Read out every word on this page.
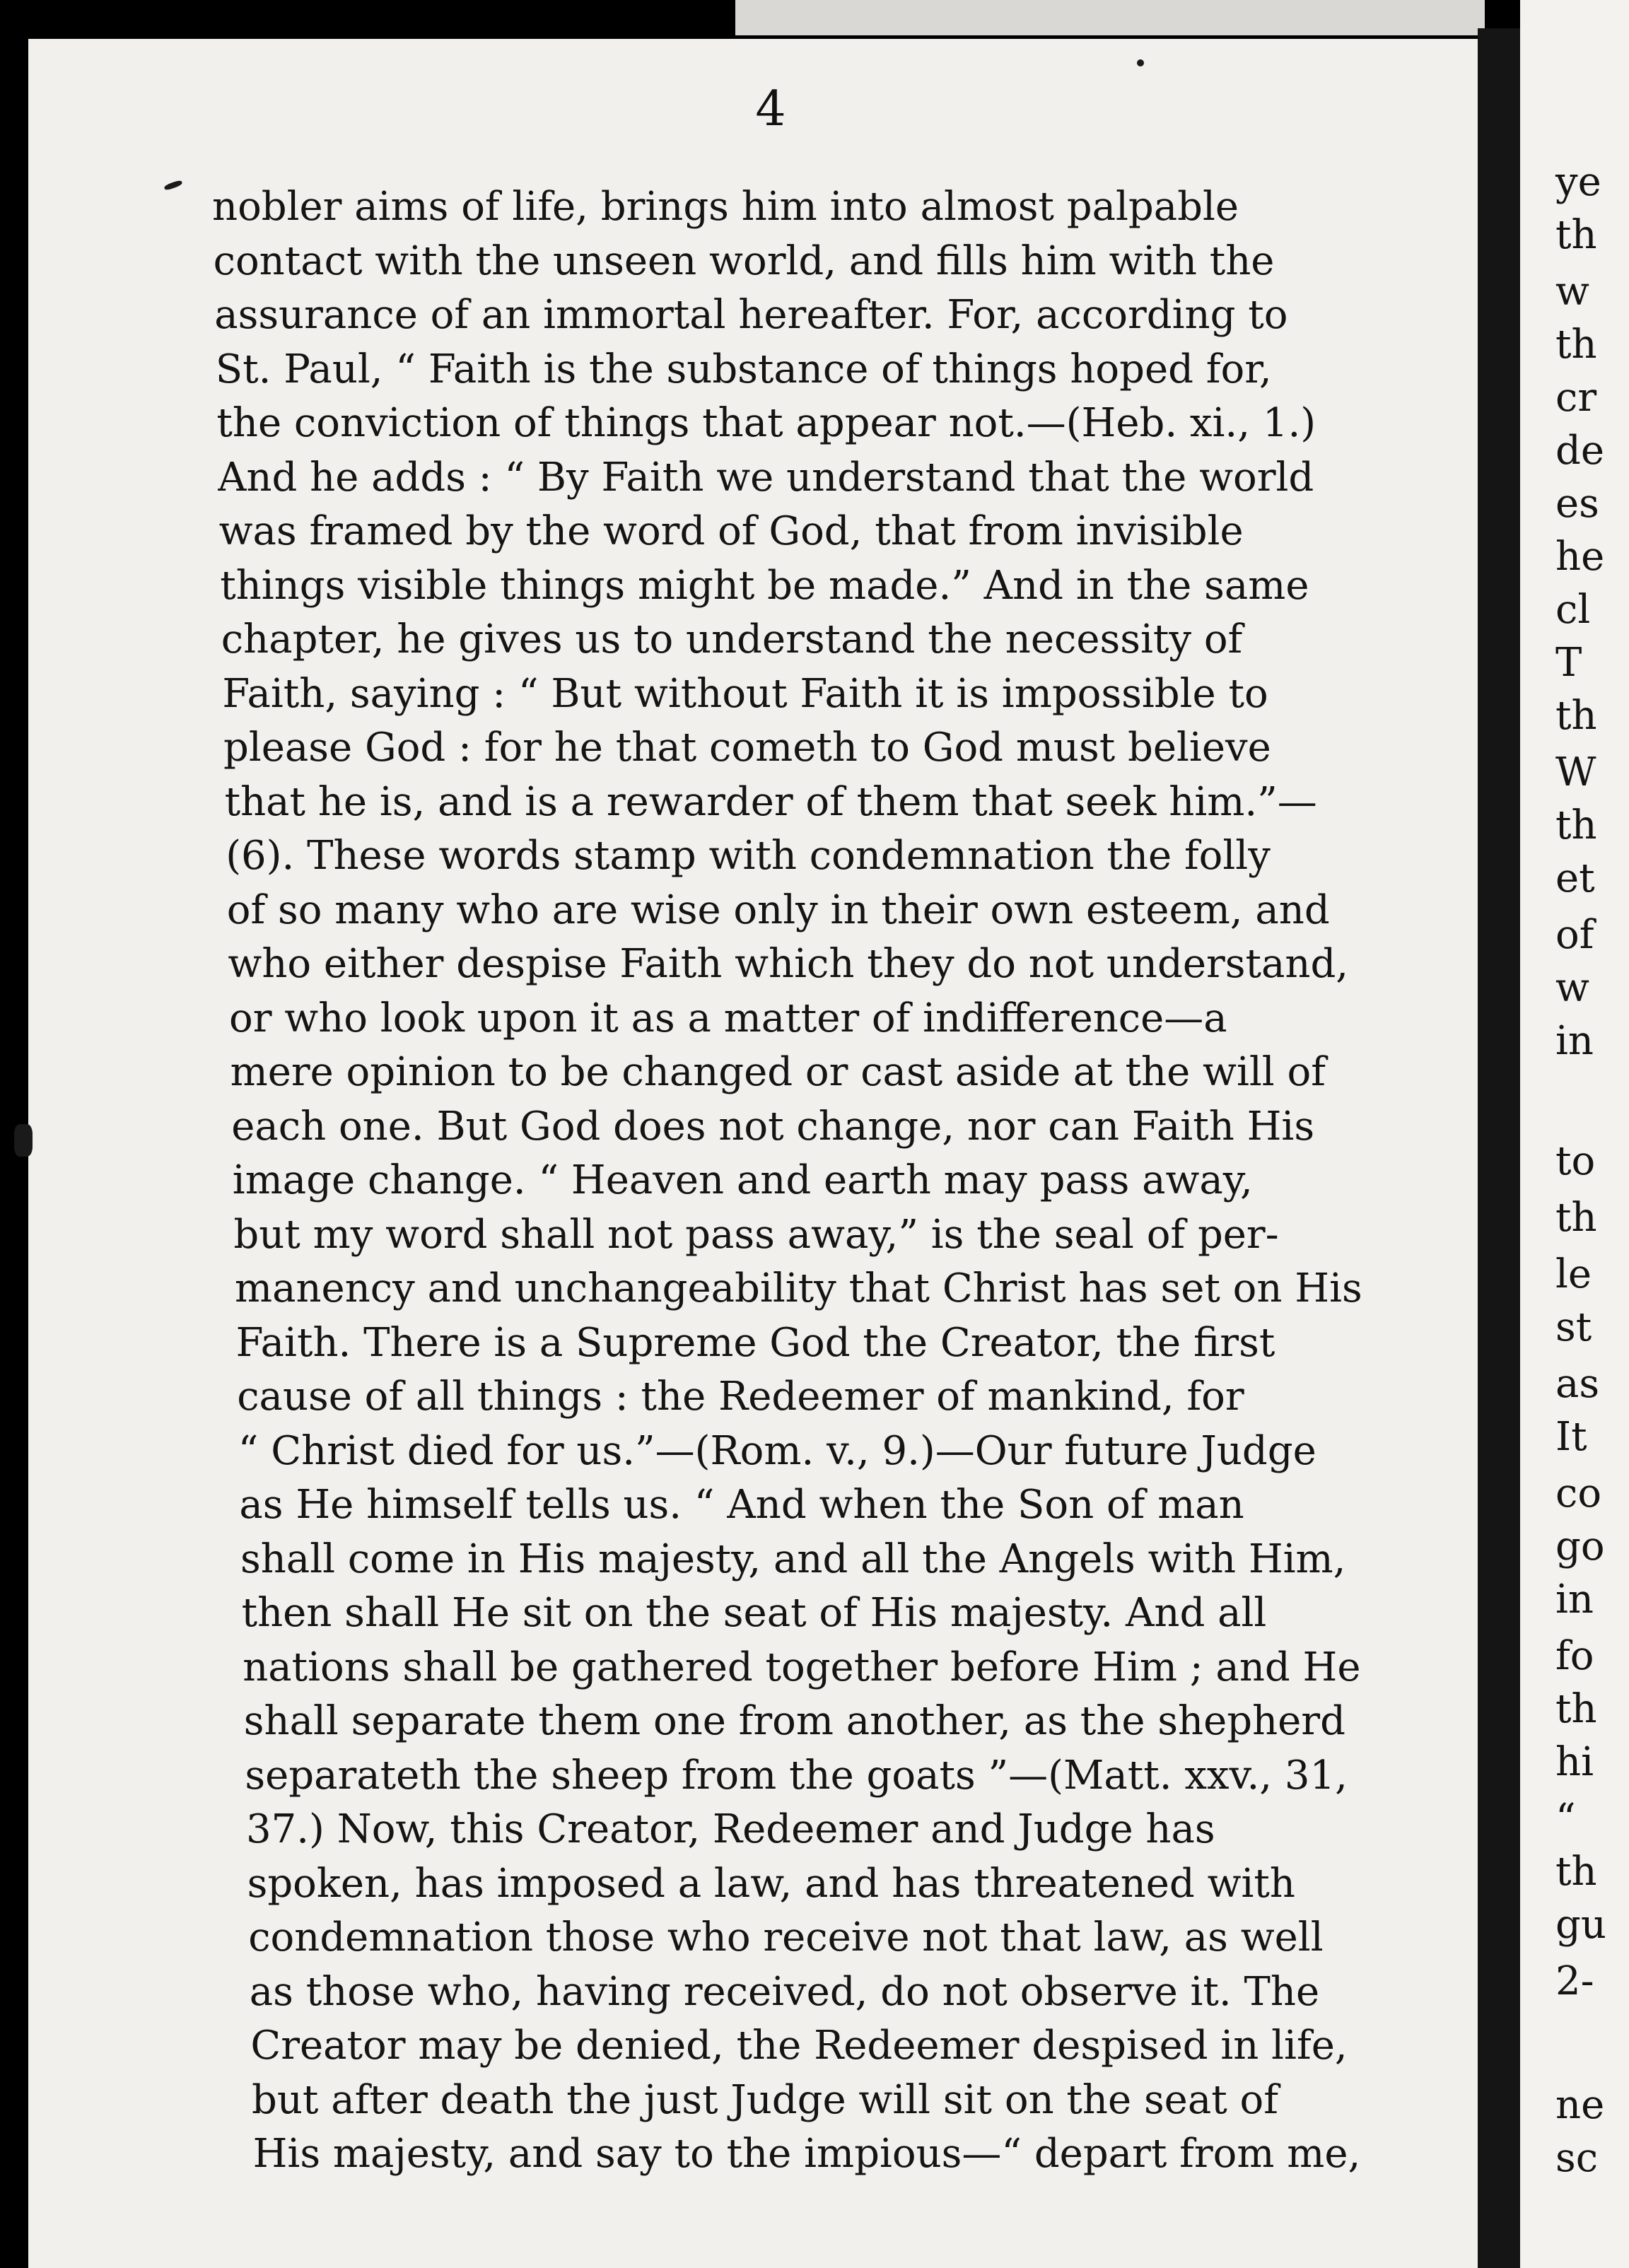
4
nobler aims of life, brings him into almost palpable
contact with the unseen world, and fills him with the
assurance of an immortal hereafter. For, according to
St. Paul, “ Faith is the substance of things hoped for,
the conviction of things that appear not.—(Heb. xi., 1.)
And he adds : “ By Faith we understand that the world
was framed by the word of God, that from invisible
things visible things might be made.” And in the same
chapter, he gives us to understand the necessity of
Faith, saying : “ But without Faith it is impossible to
please God : for he that cometh to God must believe
that he is, and is a rewarder of them that seek him.”—
(6). These words stamp with condemnation the folly
of so many who are wise only in their own esteem, and
who either despise Faith which they do not understand,
or who look upon it as a matter of indifference—a
mere opinion to be changed or cast aside at the will of
each one. But God does not change, nor can Faith His
image change. “ Heaven and earth may pass away,
but my word shall not pass away,” is the seal of per-
manency and unchangeability that Christ has set on His
Faith. There is a Supreme God the Creator, the first
cause of all things : the Redeemer of mankind, for
“ Christ died for us.”—(Rom. v., 9.)—Our future Judge
as He himself tells us. “ And when the Son of man
shall come in His majesty, and all the Angels with Him,
then shall He sit on the seat of His majesty. And all
nations shall be gathered together before Him ; and He
shall separate them one from another, as the shepherd
separateth the sheep from the goats ”—(Matt. xxv., 31,
37.) Now, this Creator, Redeemer and Judge has
spoken, has imposed a law, and has threatened with
condemnation those who receive not that law, as well
as those who, having received, do not observe it. The
Creator may be denied, the Redeemer despised in life,
but after death the just Judge will sit on the seat of
His majesty, and say to the impious—“ depart from me,
ye
th
w
th
cr
de
es
he
cl
T
th
W
th
et
of
w
in
to
th
le
st
as
It
co
go
in
fo
th
hi
“
th
gu
2-
ne
sc
